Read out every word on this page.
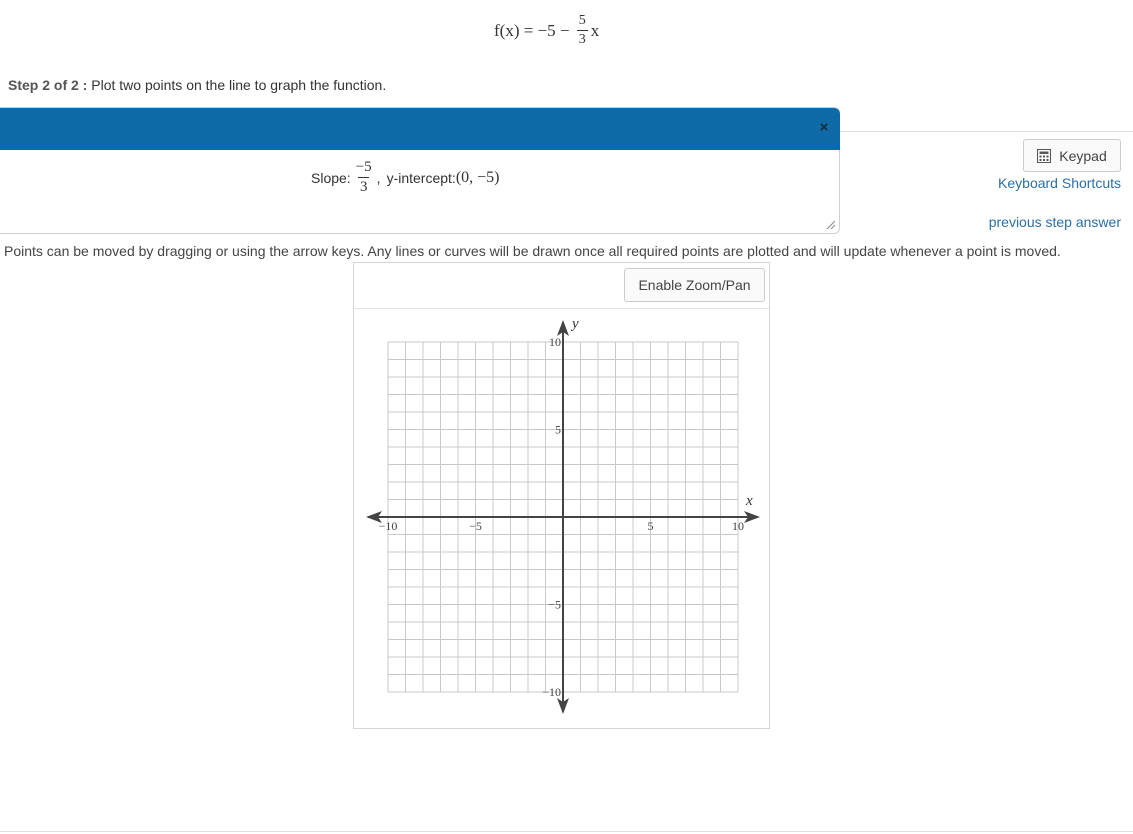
$f(x) = -5 - \frac{5}{3}$ x
Step 2 of 2 : Plot two points on the line to graph the function.
×
Slope: $\frac{-5}{3}$ , y-intercept: (0, −5)
Keypad
Keyboard Shortcuts
previous step answer
Points can be moved by dragging or using the arrow keys. Any lines or curves will be drawn once all required points are plotted and will update whenever a point is moved.
Enable Zoom/Pan
x
y
−10	−5	5	10
10
5
−5
−10
